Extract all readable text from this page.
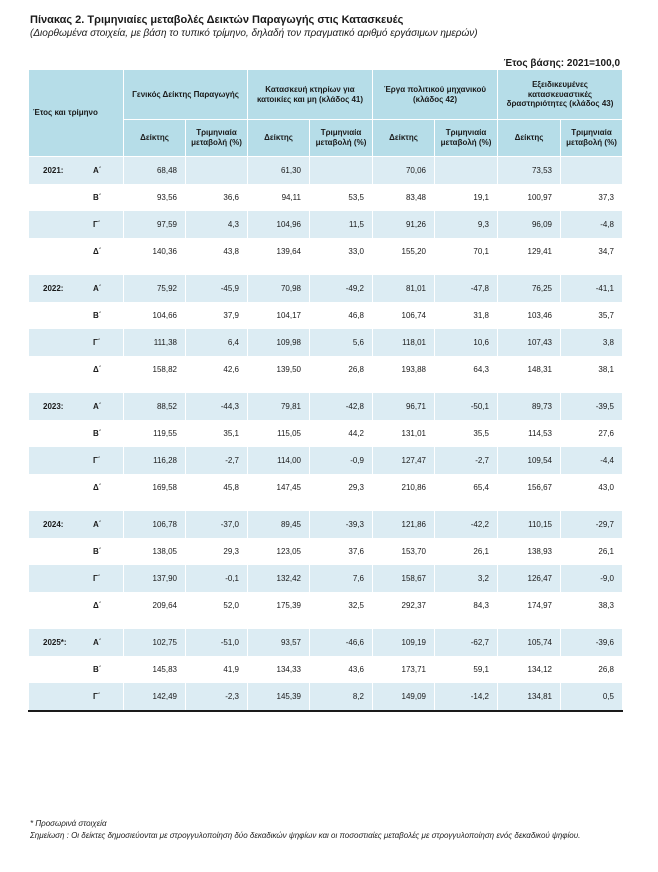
Πίνακας 2. Τριμηνιαίες μεταβολές Δεικτών Παραγωγής στις Κατασκευές
(Διορθωμένα στοιχεία, με βάση το τυπικό τρίμηνο, δηλαδή τον πραγματικό αριθμό εργάσιμων ημερών)
Έτος βάσης: 2021=100,0
Έτος και τρίμηνο	Γενικός Δείκτης Παραγωγής		Κατασκευή κτηρίων για κατοικίες και μη (κλάδος 41)		Έργα πολιτικού μηχανικού (κλάδος 42)		Εξειδικευμένες κατασκευαστικές δραστηριότητες (κλάδος 43)	
	Δείκτης	Τριμηνιαία μεταβολή (%)	Δείκτης	Τριμηνιαία μεταβολή (%)	Δείκτης	Τριμηνιαία μεταβολή (%)	Δείκτης	Τριμηνιαία μεταβολή (%)

2021: Α΄	68,48		61,30		70,06		73,53	

Β΄	93,56	36,6	94,11	53,5	83,48	19,1	100,97	37,3

Γ΄	97,59	4,3	104,96	11,5	91,26	9,3	96,09	-4,8

Δ΄	140,36	43,8	139,64	33,0	155,20	70,1	129,41	34,7

2022: Α΄	75,92	-45,9	70,98	-49,2	81,01	-47,8	76,25	-41,1

Β΄	104,66	37,9	104,17	46,8	106,74	31,8	103,46	35,7

Γ΄	111,38	6,4	109,98	5,6	118,01	10,6	107,43	3,8

Δ΄	158,82	42,6	139,50	26,8	193,88	64,3	148,31	38,1

2023: Α΄	88,52	-44,3	79,81	-42,8	96,71	-50,1	89,73	-39,5

Β΄	119,55	35,1	115,05	44,2	131,01	35,5	114,53	27,6

Γ΄	116,28	-2,7	114,00	-0,9	127,47	-2,7	109,54	-4,4

Δ΄	169,58	45,8	147,45	29,3	210,86	65,4	156,67	43,0

2024: Α΄	106,78	-37,0	89,45	-39,3	121,86	-42,2	110,15	-29,7

Β΄	138,05	29,3	123,05	37,6	153,70	26,1	138,93	26,1

Γ΄	137,90	-0,1	132,42	7,6	158,67	3,2	126,47	-9,0

Δ΄	209,64	52,0	175,39	32,5	292,37	84,3	174,97	38,3

2025*: Α΄	102,75	-51,0	93,57	-46,6	109,19	-62,7	105,74	-39,6

Β΄	145,83	41,9	134,33	43,6	173,71	59,1	134,12	26,8

Γ΄	142,49	-2,3	145,39	8,2	149,09	-14,2	134,81	0,5
* Προσωρινά στοιχεία
Σημείωση : Οι δείκτες δημοσιεύονται με στρογγυλοποίηση δύο δεκαδικών ψηφίων και οι ποσοστιαίες μεταβολές με στρογγυλοποίηση ενός δεκαδικού ψηφίου.
